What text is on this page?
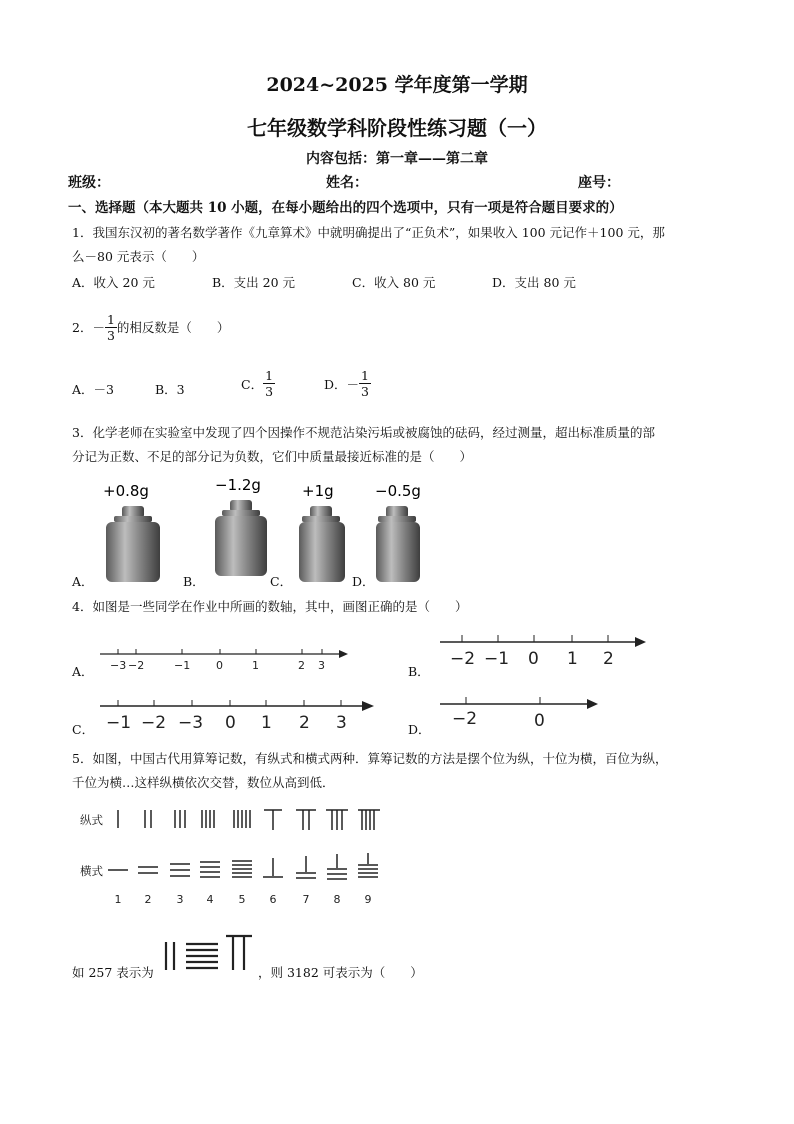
2024~2025 学年度第一学期
七年级数学科阶段性练习题（一）
内容包括：第一章——第二章
班级：	姓名：	座号：
一、选择题（本大题共 10 小题，在每小题给出的四个选项中，只有一项是符合题目要求的）
1．我国东汉初的著名数学著作《九章算术》中就明确提出了“正负术”，如果收入 100 元记作＋100 元，那
么－80 元表示（　　）
A．收入 20 元	B．支出 20 元	C．收入 80 元	D．支出 80 元
2．－ $\frac{1}{3}$ 的相反数是（　　）
A．－3	B．3	C． $\frac{1}{3}$	D．－ $\frac{1}{3}$
3．化学老师在实验室中发现了四个因操作不规范沾染污垢或被腐蚀的砝码，经过测量，超出标准质量的部
分记为正数、不足的部分记为负数，它们中质量最接近标准的是（　　）
+0.8g	−1.2g	+1g	−0.5g
A．	B．	C．	D．
4．如图是一些同学在作业中所画的数轴，其中，画图正确的是（　　）
A． −3 −2	−1 0	1	2 3	B．
−2 −1 0 1 2
C． −1 −2 −3 0 1 2 3	D．
−2	0
5．如图，中国古代用算筹记数，有纵式和横式两种．算筹记数的方法是摆个位为纵，十位为横，百位为纵，
千位为横…这样纵横依次交替，数位从高到低．
纵式
横式
1 2 3 4 5 6 7 8 9
如 257 表示为	，则 3182 可表示为（　　）
